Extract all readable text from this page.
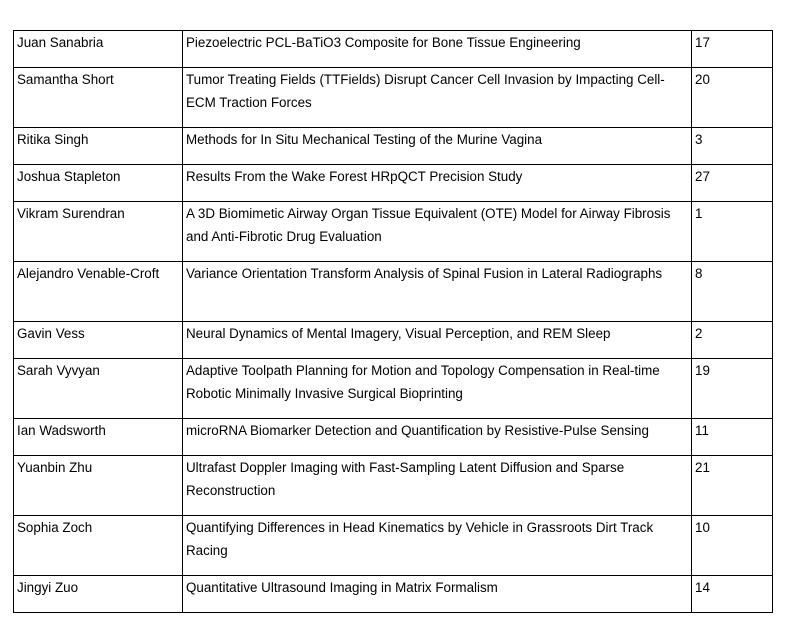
Juan Sanabria	Piezoelectric PCL-BaTiO3 Composite for Bone Tissue Engineering	17
Samantha Short	Tumor Treating Fields (TTFields) Disrupt Cancer Cell Invasion by Impacting Cell-ECM Traction Forces	20
Ritika Singh	Methods for In Situ Mechanical Testing of the Murine Vagina	3
Joshua Stapleton	Results From the Wake Forest HRpQCT Precision Study	27
Vikram Surendran	A 3D Biomimetic Airway Organ Tissue Equivalent (OTE) Model for Airway Fibrosis and Anti-Fibrotic Drug Evaluation	1
Alejandro Venable-Croft	Variance Orientation Transform Analysis of Spinal Fusion in Lateral Radiographs	8
Gavin Vess	Neural Dynamics of Mental Imagery, Visual Perception, and REM Sleep	2
Sarah Vyvyan	Adaptive Toolpath Planning for Motion and Topology Compensation in Real-time Robotic Minimally Invasive Surgical Bioprinting	19
Ian Wadsworth	microRNA Biomarker Detection and Quantification by Resistive-Pulse Sensing	11
Yuanbin Zhu	Ultrafast Doppler Imaging with Fast-Sampling Latent Diffusion and Sparse Reconstruction	21
Sophia Zoch	Quantifying Differences in Head Kinematics by Vehicle in Grassroots Dirt Track Racing	10
Jingyi Zuo	Quantitative Ultrasound Imaging in Matrix Formalism	14
